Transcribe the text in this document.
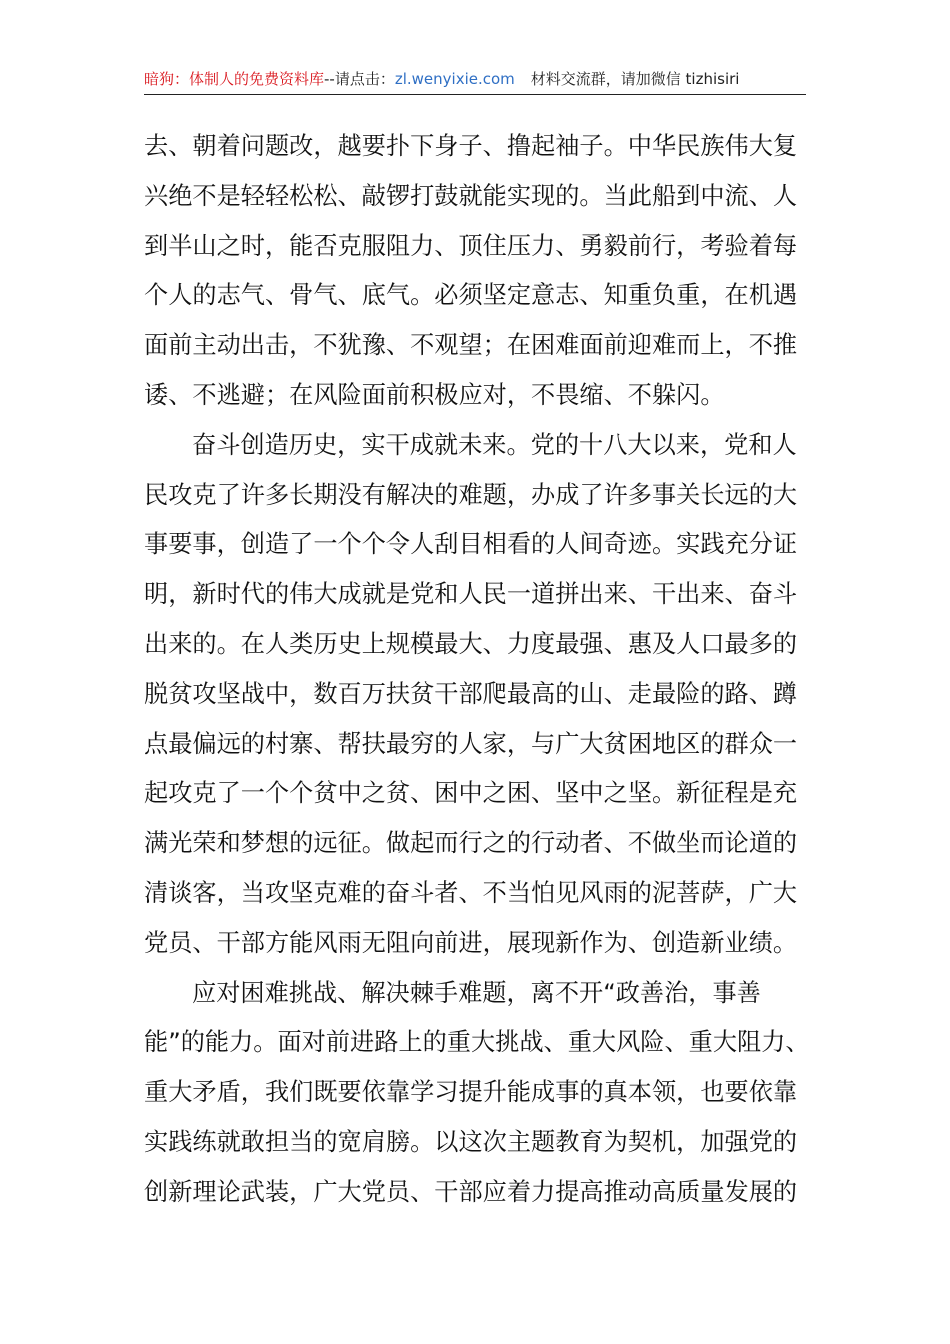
暗狗：体制人的免费资料库--请点击：zl.wenyixie.com 材料交流群，请加微信 tizhisiri
去、朝着问题改，越要扑下身子、撸起袖子。中华民族伟大复
兴绝不是轻轻松松、敲锣打鼓就能实现的。当此船到中流、人
到半山之时，能否克服阻力、顶住压力、勇毅前行，考验着每
个人的志气、骨气、底气。必须坚定意志、知重负重，在机遇
面前主动出击，不犹豫、不观望；在困难面前迎难而上，不推
诿、不逃避；在风险面前积极应对，不畏缩、不躲闪。
奋斗创造历史，实干成就未来。党的十八大以来，党和人
民攻克了许多长期没有解决的难题，办成了许多事关长远的大
事要事，创造了一个个令人刮目相看的人间奇迹。实践充分证
明，新时代的伟大成就是党和人民一道拼出来、干出来、奋斗
出来的。在人类历史上规模最大、力度最强、惠及人口最多的
脱贫攻坚战中，数百万扶贫干部爬最高的山、走最险的路、蹲
点最偏远的村寨、帮扶最穷的人家，与广大贫困地区的群众一
起攻克了一个个贫中之贫、困中之困、坚中之坚。新征程是充
满光荣和梦想的远征。做起而行之的行动者、不做坐而论道的
清谈客，当攻坚克难的奋斗者、不当怕见风雨的泥菩萨，广大
党员、干部方能风雨无阻向前进，展现新作为、创造新业绩。
应对困难挑战、解决棘手难题，离不开“政善治，事善
能”的能力。面对前进路上的重大挑战、重大风险、重大阻力、
重大矛盾，我们既要依靠学习提升能成事的真本领，也要依靠
实践练就敢担当的宽肩膀。以这次主题教育为契机，加强党的
创新理论武装，广大党员、干部应着力提高推动高质量发展的
